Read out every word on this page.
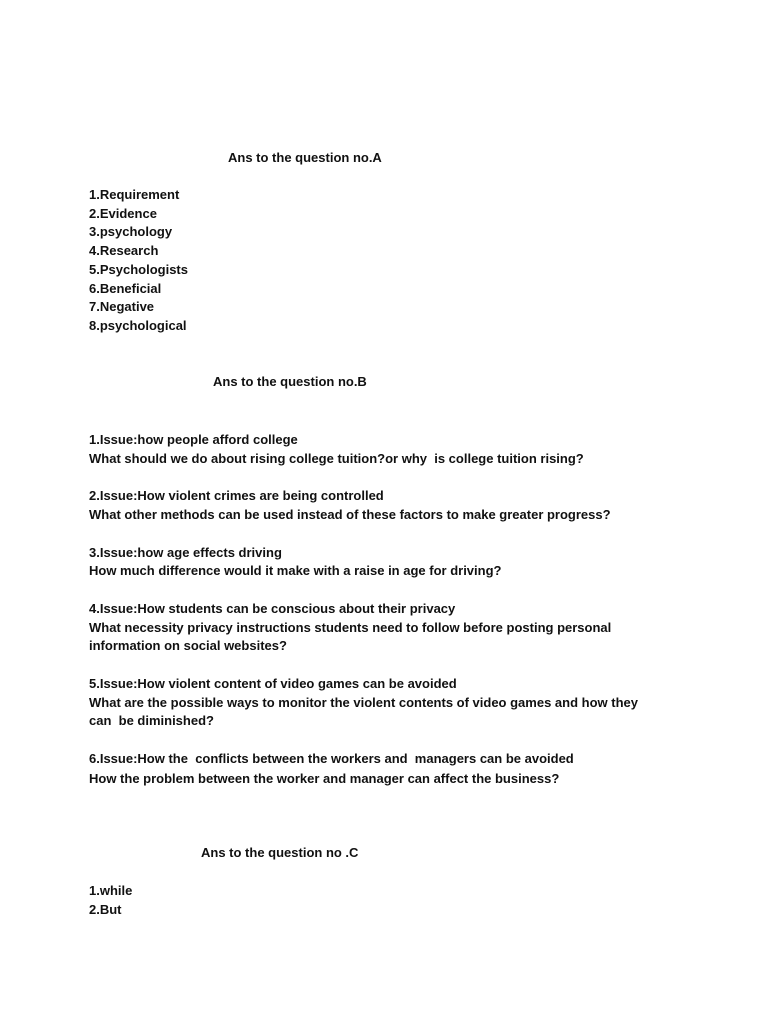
Ans to the question no.A
1.Requirement
2.Evidence
3.psychology
4.Research
5.Psychologists
6.Beneficial
7.Negative
8.psychological
Ans to the question no.B
1.Issue:how people afford college
What should we do about rising college tuition?or why  is college tuition rising?
2.Issue:How violent crimes are being controlled
What other methods can be used instead of these factors to make greater progress?
3.Issue:how age effects driving
How much difference would it make with a raise in age for driving?
4.Issue:How students can be conscious about their privacy
What necessity privacy instructions students need to follow before posting personal
information on social websites?
5.Issue:How violent content of video games can be avoided
What are the possible ways to monitor the violent contents of video games and how they
can  be diminished?
6.Issue:How the  conflicts between the workers and  managers can be avoided
How the problem between the worker and manager can affect the business?
Ans to the question no .C
1.while
2.But
